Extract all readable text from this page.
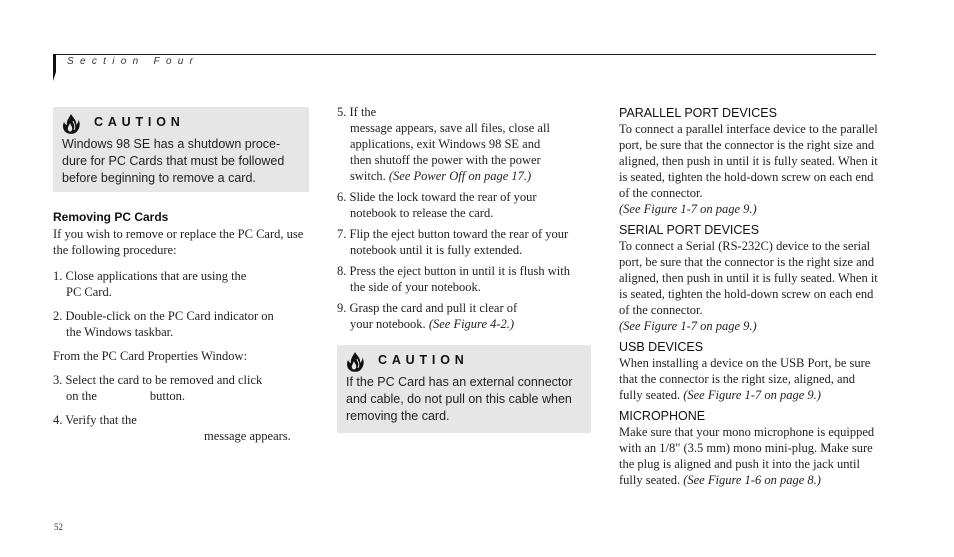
Section Four
CAUTION
Windows 98 SE has a shutdown proce-dure for PC Cards that must be followed before beginning to remove a card.

Removing PC Cards

If you wish to remove or replace the PC Card, use the following procedure:

1. Close applications that are using the

PC Card.

2. Double-click on the PC Card indicator on

the Windows taskbar.

From the PC Card Properties Window:

3. Select the card to be removed and click

on the	button.

4. Verify that the

message appears.

5. If the

message appears, save all files, close all

applications, exit Windows 98 SE and

then shutoff the power with the power

switch. (See Power Off on page 17.)

6. Slide the lock toward the rear of your

notebook to release the card.

7. Flip the eject button toward the rear of your

notebook until it is fully extended.

8. Press the eject button in until it is flush with

the side of your notebook.

9. Grasp the card and pull it clear of

your notebook. (See Figure 4-2.)

CAUTION
If the PC Card has an external connector and cable, do not pull on this cable when removing the card.

PARALLEL PORT DEVICES

To connect a parallel interface device to the parallel port, be sure that the connector is the right size and aligned, then push in until it is fully seated. When it is seated, tighten the hold-down screw on each end of the connector.

(See Figure 1-7 on page 9.)

SERIAL PORT DEVICES

To connect a Serial (RS-232C) device to the serial port, be sure that the connector is the right size and aligned, then push in until it is fully seated. When it is seated, tighten the hold-down screw on each end of the connector.

(See Figure 1-7 on page 9.)

USB DEVICES

When installing a device on the USB Port, be sure that the connector is the right size, aligned, and fully seated. (See Figure 1-7 on page 9.)

MICROPHONE

Make sure that your mono microphone is equipped with an 1/8" (3.5 mm) mono mini-plug. Make sure the plug is aligned and push it into the jack until fully seated. (See Figure 1-6 on page 8.)

52
